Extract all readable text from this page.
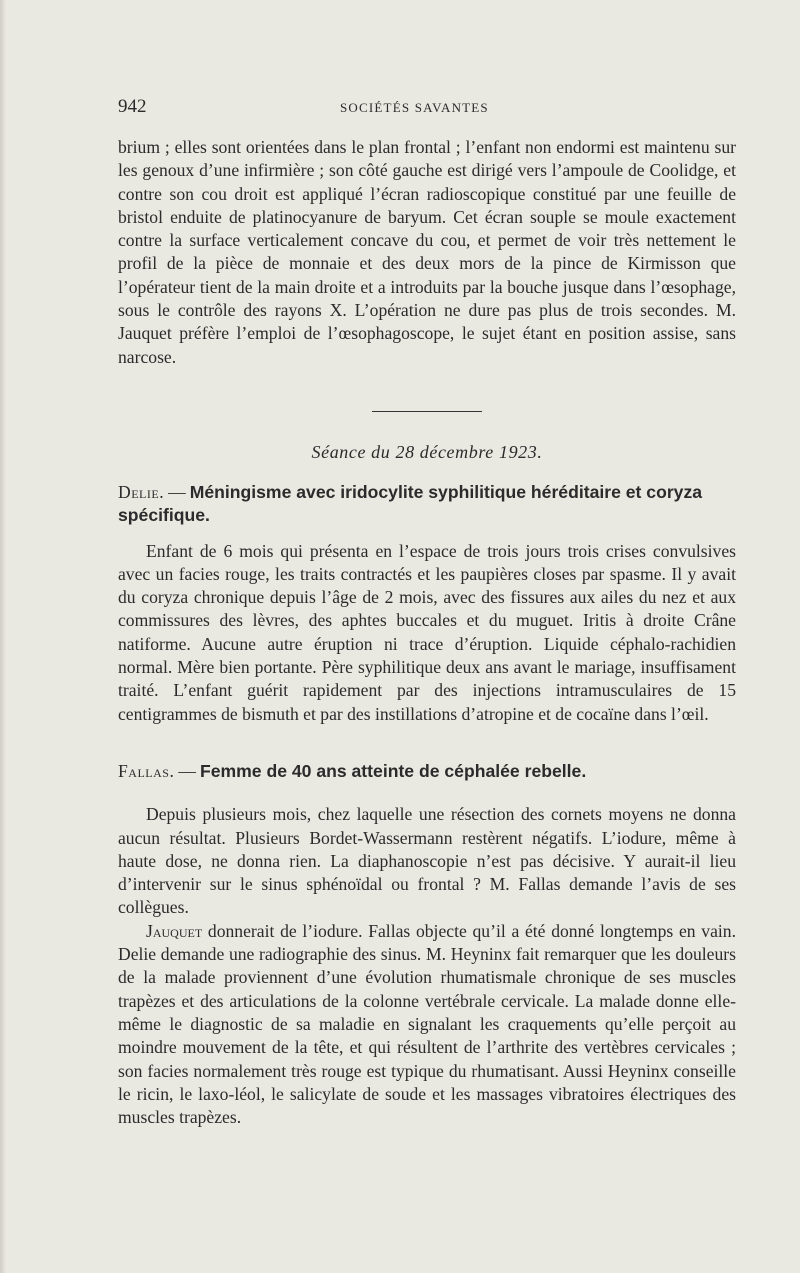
942	SOCIÉTÉS SAVANTES

brium ; elles sont orientées dans le plan frontal ; l’enfant non endormi est maintenu sur les genoux d’une infirmière ; son côté gauche est dirigé vers l’ampoule de Coolidge, et contre son cou droit est appliqué l’écran radioscopique constitué par une feuille de bristol enduite de platinocyanure de baryum. Cet écran souple se moule exactement contre la surface verticalement concave du cou, et permet de voir très nettement le profil de la pièce de monnaie et des deux mors de la pince de Kirmisson que l’opérateur tient de la main droite et a introduits par la bouche jusque dans l’œsophage, sous le contrôle des rayons X. L’opération ne dure pas plus de trois secondes. M. Jauquet préfère l’emploi de l’œsophagoscope, le sujet étant en position assise, sans narcose.

Séance du 28 décembre 1923.
Delie. — Méningisme avec iridocylite syphilitique héréditaire et coryza spécifique.

Enfant de 6 mois qui présenta en l’espace de trois jours trois crises convulsives avec un facies rouge, les traits contractés et les paupières closes par spasme. Il y avait du coryza chronique depuis l’âge de 2 mois, avec des fissures aux ailes du nez et aux commissures des lèvres, des aphtes buccales et du muguet. Iritis à droite Crâne natiforme. Aucune autre éruption ni trace d’éruption. Liquide céphalo-rachidien normal. Mère bien portante. Père syphilitique deux ans avant le mariage, insuffisament traité. L’enfant guérit rapidement par des injections intramusculaires de 15 centigrammes de bismuth et par des instillations d’atropine et de cocaïne dans l’œil.

Fallas. — Femme de 40 ans atteinte de céphalée rebelle.

Depuis plusieurs mois, chez laquelle une résection des cornets moyens ne donna aucun résultat. Plusieurs Bordet-Wassermann restèrent négatifs. L’iodure, même à haute dose, ne donna rien. La diaphanoscopie n’est pas décisive. Y aurait-il lieu d’intervenir sur le sinus sphénoïdal ou frontal ? M. Fallas demande l’avis de ses collègues.

Jauquet donnerait de l’iodure. Fallas objecte qu’il a été donné longtemps en vain. Delie demande une radiographie des sinus. M. Heyninx fait remarquer que les douleurs de la malade proviennent d’une évolution rhumatismale chronique de ses muscles trapèzes et des articulations de la colonne vertébrale cervicale. La malade donne elle-même le diagnostic de sa maladie en signalant les craquements qu’elle perçoit au moindre mouvement de la tête, et qui résultent de l’arthrite des vertèbres cervicales ; son facies normalement très rouge est typique du rhumatisant. Aussi Heyninx conseille le ricin, le laxo-léol, le salicylate de soude et les massages vibratoires électriques des muscles trapèzes.
